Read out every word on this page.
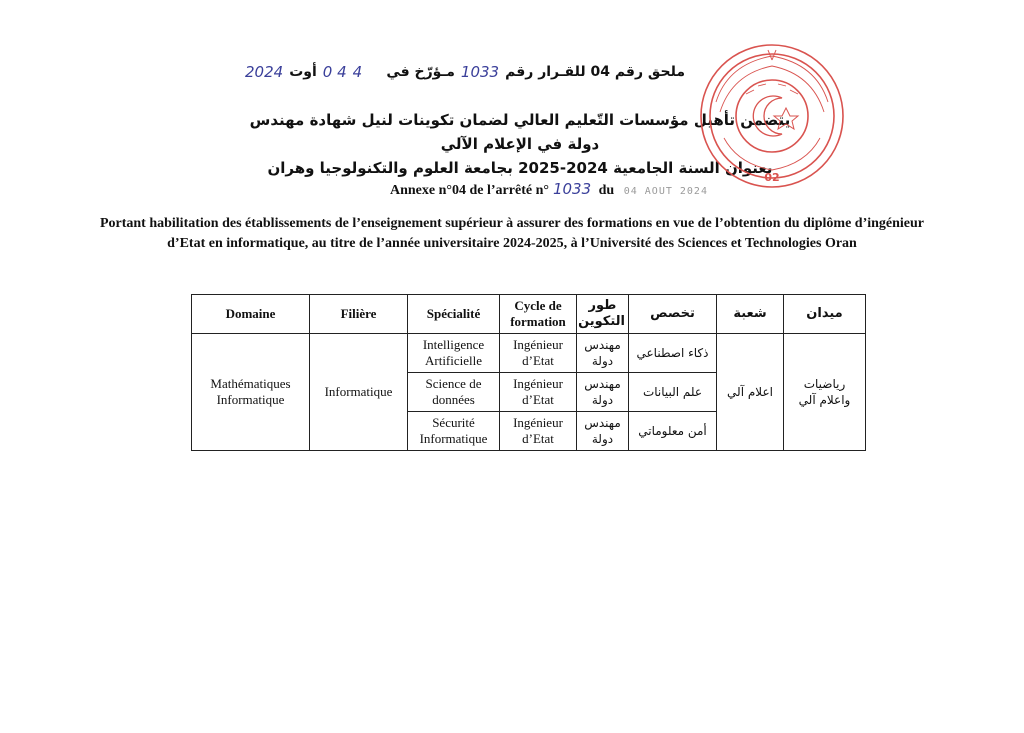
2024 أوت 0 4 4 مـؤرّخ في 1033 ملحق رقم 04 للقـرار رقم
يتضمن تأهيل مؤسسات التّعليم العالي لضمان تكوينات لنيل شهادة مهندس دولة في الإعلام الآلي
بعنوان السنة الجامعية 2024-2025 بجامعة العلوم والتكنولوجيا وهران
02
Annexe n°04 de l’arrêté n° 1033 du 04 AOUT 2024
Portant habilitation des établissements de l’enseignement supérieur à assurer des formations en vue de l’obtention du diplôme d’ingénieur
d’Etat en informatique, au titre de l’année universitaire 2024-2025, à l’Université des Sciences et Technologies Oran
Domaine	Filière	Spécialité	Cycle de formation	طور التكوين	تخصص	شعبة	ميدان
Mathématiques Informatique	Informatique	Intelligence Artificielle	Ingénieur d’Etat	مهندس دولة	ذكاء اصطناعي	اعلام آلي	رياضيات واعلام آلي
		Science de données	Ingénieur d’Etat	مهندس دولة	علم البيانات		
		Sécurité Informatique	Ingénieur d’Etat	مهندس دولة	أمن معلوماتي		
